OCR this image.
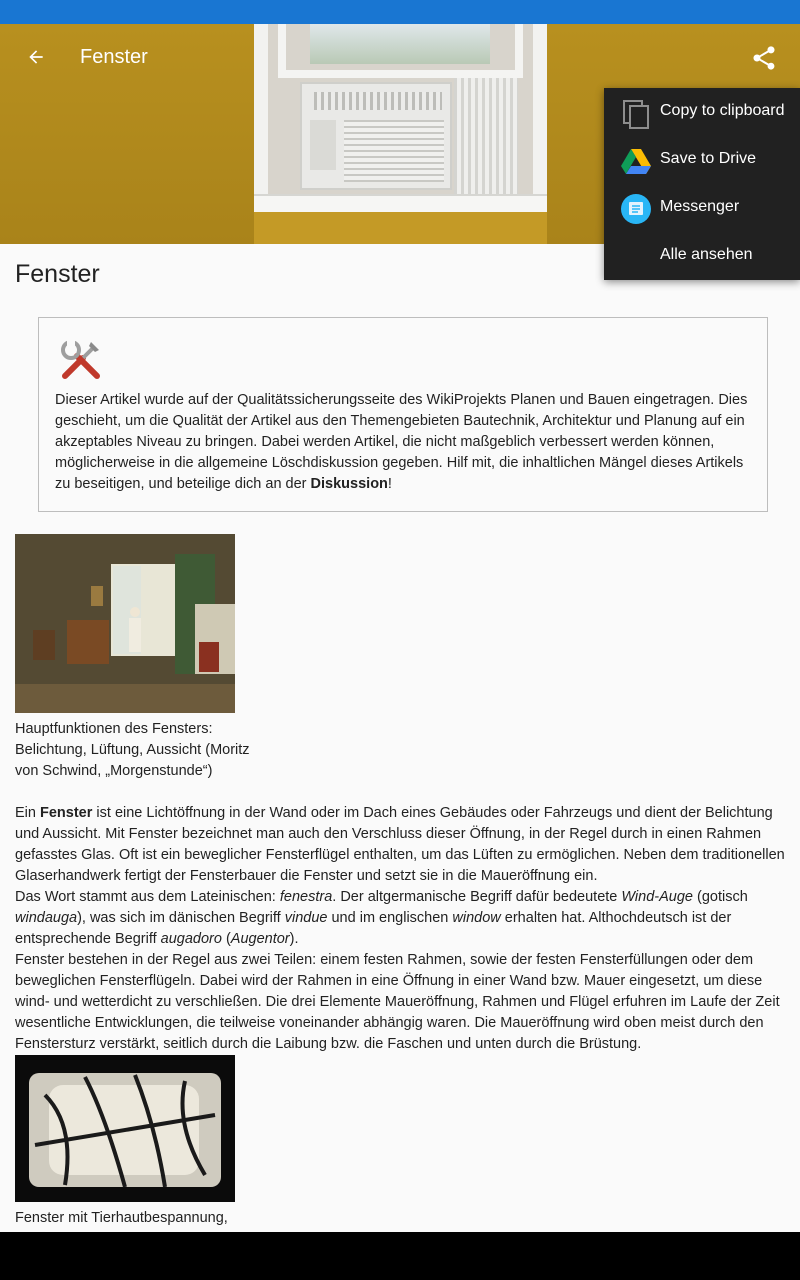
Fenster
Fenster
Dieser Artikel wurde auf der Qualitätssicherungsseite des WikiProjekts Planen und Bauen eingetragen. Dies geschieht, um die Qualität der Artikel aus den Themengebieten Bautechnik, Architektur und Planung auf ein akzeptables Niveau zu bringen. Dabei werden Artikel, die nicht maßgeblich verbessert werden können, möglicherweise in die allgemeine Löschdiskussion gegeben. Hilf mit, die inhaltlichen Mängel dieses Artikels zu beseitigen, und beteilige dich an der Diskussion!
Hauptfunktionen des Fensters: Belichtung, Lüftung, Aussicht (Moritz von Schwind, „Morgenstunde“)

Ein Fenster ist eine Lichtöffnung in der Wand oder im Dach eines Gebäudes oder Fahrzeugs und dient der Belichtung und Aussicht. Mit Fenster bezeichnet man auch den Verschluss dieser Öffnung, in der Regel durch in einen Rahmen gefasstes Glas. Oft ist ein beweglicher Fensterflügel enthalten, um das Lüften zu ermöglichen. Neben dem traditionellen Glaserhandwerk fertigt der Fensterbauer die Fenster und setzt sie in die Maueröffnung ein.

Das Wort stammt aus dem Lateinischen: fenestra. Der altgermanische Begriff dafür bedeutete Wind-Auge (gotisch windauga), was sich im dänischen Begriff vindue und im englischen window erhalten hat. Althochdeutsch ist der entsprechende Begriff augadoro (Augentor).

Fenster bestehen in der Regel aus zwei Teilen: einem festen Rahmen, sowie der festen Fensterfüllungen oder dem beweglichen Fensterflügeln. Dabei wird der Rahmen in eine Öffnung in einer Wand bzw. Mauer eingesetzt, um diese wind- und wetterdicht zu verschließen. Die drei Elemente Maueröffnung, Rahmen und Flügel erfuhren im Laufe der Zeit wesentliche Entwicklungen, die teilweise voneinander abhängig waren. Die Maueröffnung wird oben meist durch den Fenstersturz verstärkt, seitlich durch die Laibung bzw. die Faschen und unten durch die Brüstung.

Fenster mit Tierhautbespannung,
Copy to clipboard
Save to Drive
Messenger
Alle ansehen
